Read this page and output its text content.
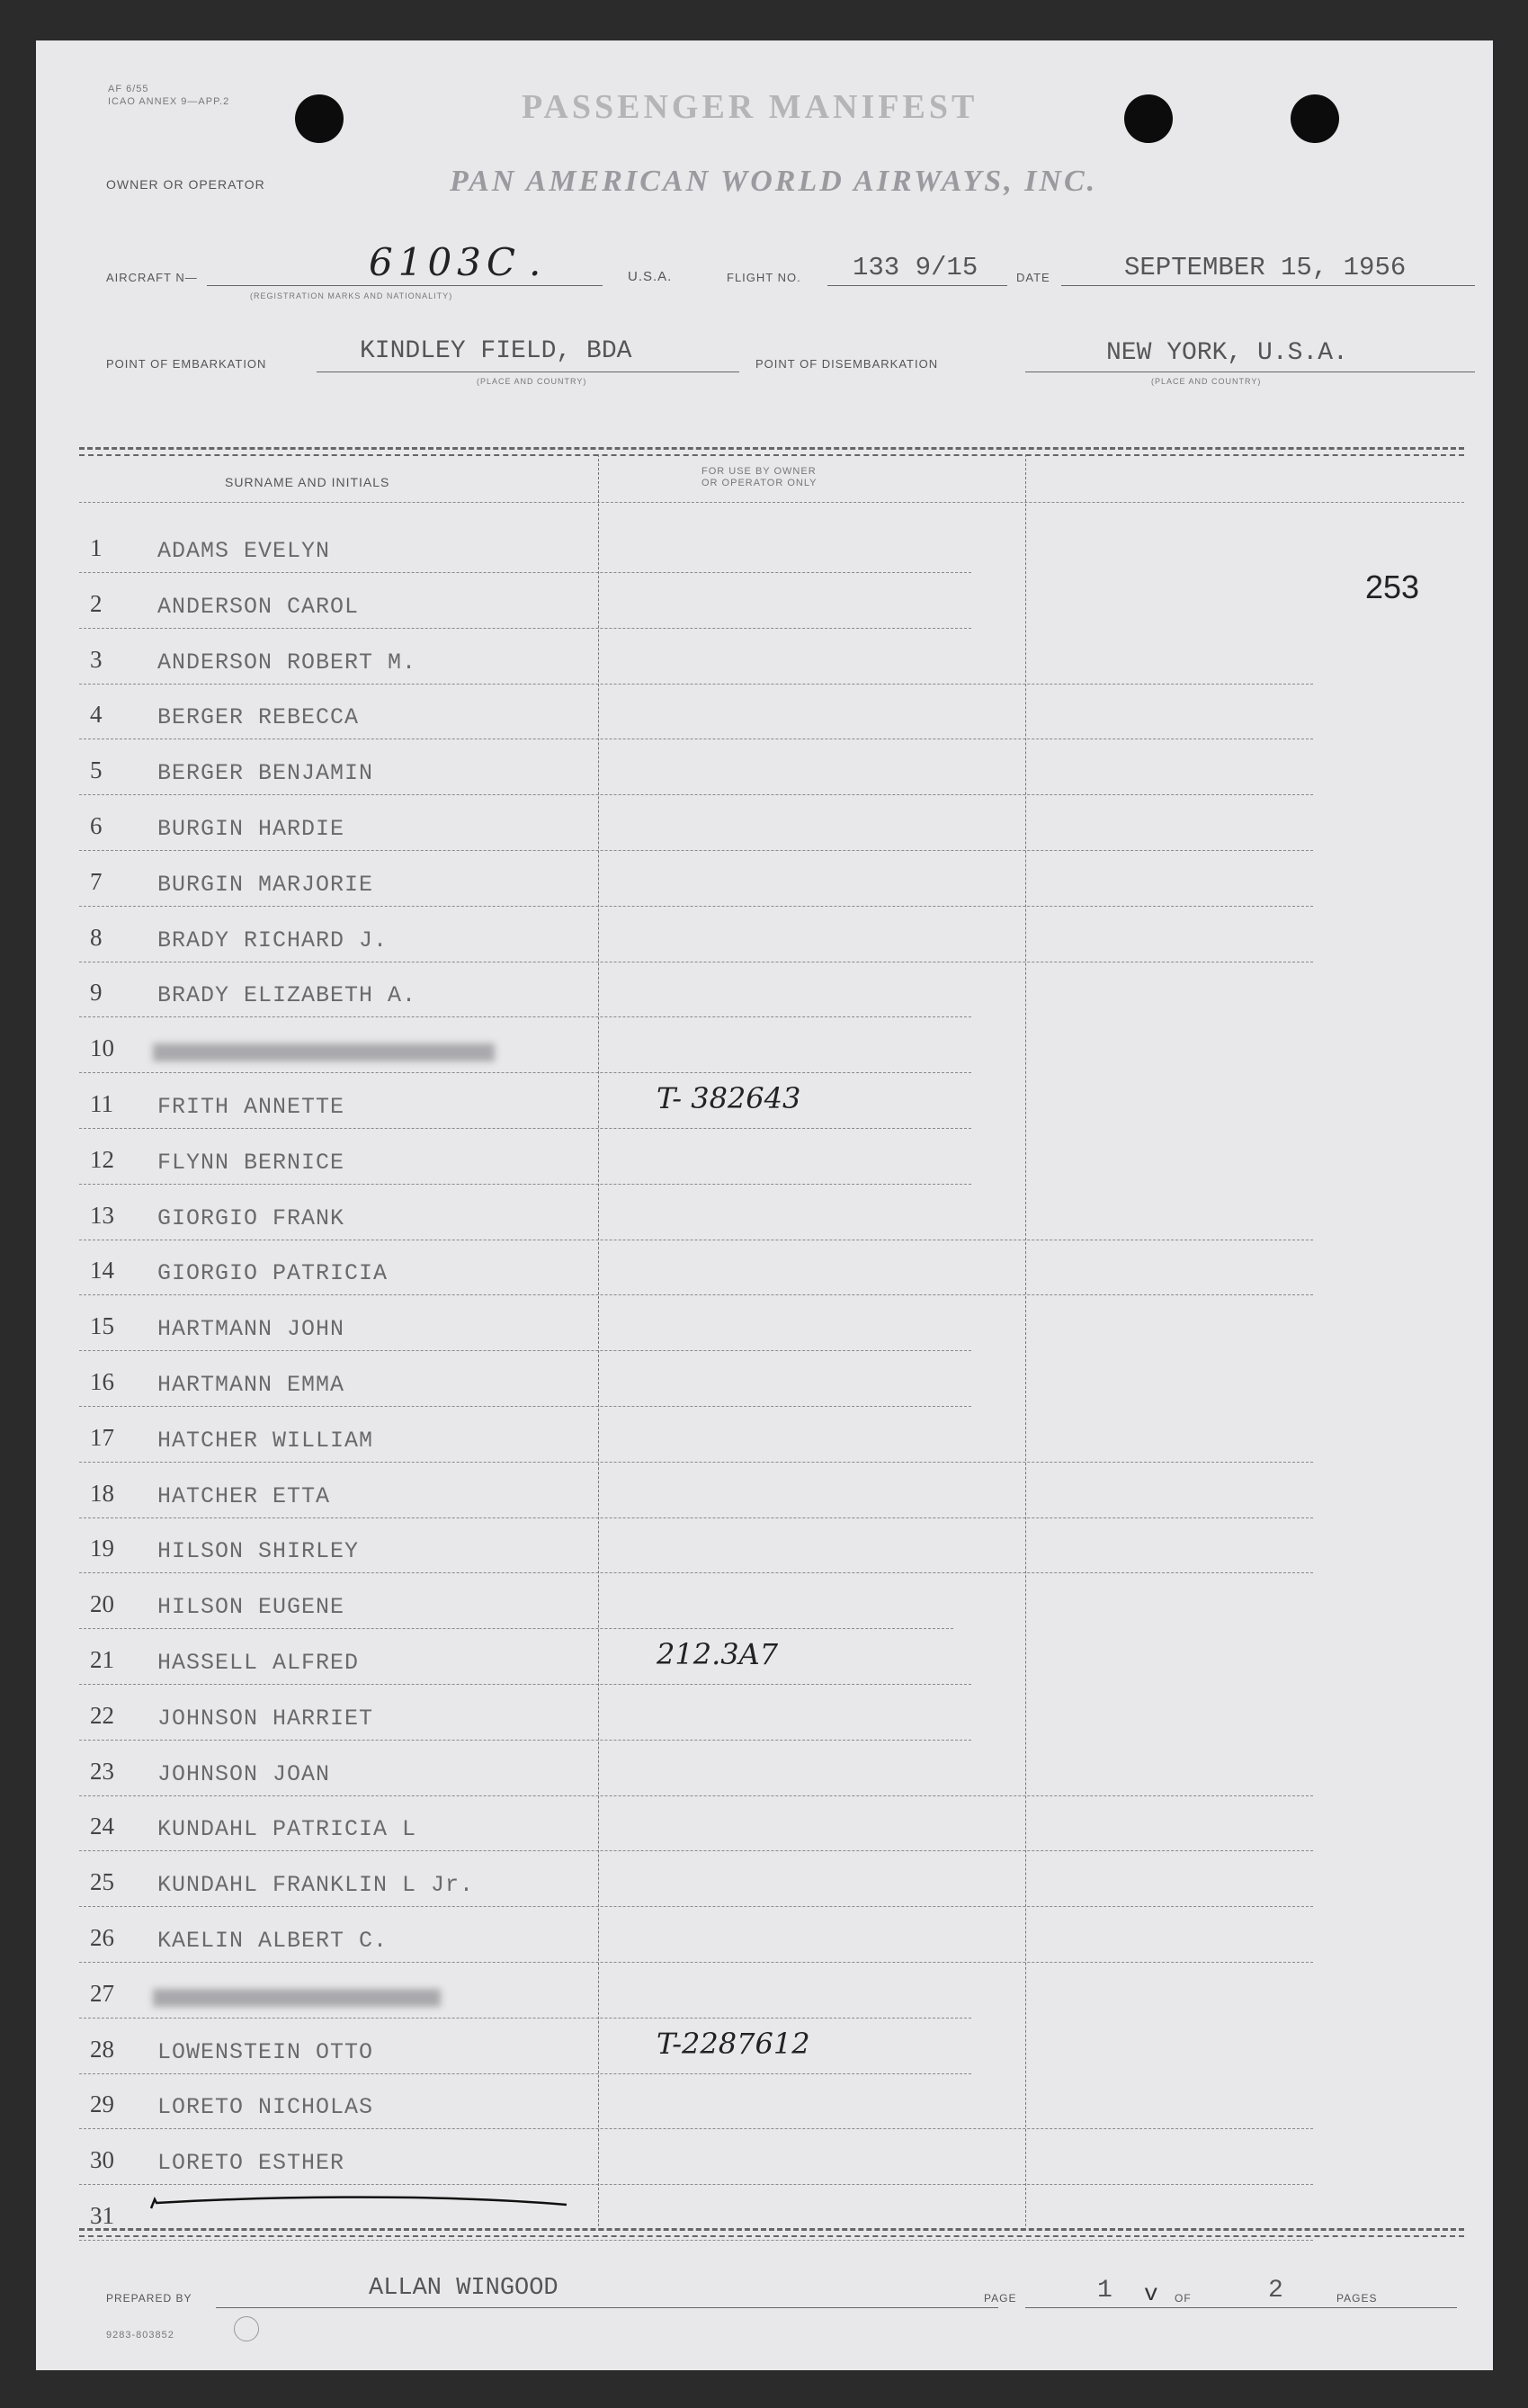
AF 6/55
ICAO ANNEX 9—APP.2	PASSENGER MANIFEST
OWNER OR OPERATOR	PAN AMERICAN WORLD AIRWAYS, INC.
AIRCRAFT N—	6103C .
(REGISTRATION MARKS AND NATIONALITY)
U.S.A.	FLIGHT NO. 133 9/15	DATE	SEPTEMBER 15, 1956
POINT OF EMBARKATION	KINDLEY FIELD, BDA
(PLACE AND COUNTRY)
POINT OF DISEMBARKATION	NEW YORK, U.S.A.
(PLACE AND COUNTRY)
SURNAME AND INITIALS
FOR USE BY OWNER
OR OPERATOR ONLY
253
1	ADAMS EVELYN
2	ANDERSON CAROL
3	ANDERSON ROBERT M.
4	BERGER REBECCA
5	BERGER BENJAMIN
6	BURGIN HARDIE
7	BURGIN MARJORIE
8	BRADY RICHARD J.
9	BRADY ELIZABETH A.
10
11	FRITH ANNETTE	T- 382643
12	FLYNN BERNICE
13	GIORGIO FRANK
14	GIORGIO PATRICIA
15	HARTMANN JOHN
16	HARTMANN EMMA
17	HATCHER WILLIAM
18	HATCHER ETTA
19	HILSON SHIRLEY
20	HILSON EUGENE
21	HASSELL ALFRED	212.3A7
22	JOHNSON HARRIET
23	JOHNSON JOAN
24	KUNDAHL PATRICIA L
25	KUNDAHL FRANKLIN L Jr.
26	KAELIN ALBERT C.
27
28	LOWENSTEIN OTTO	T-2287612
29	LORETO NICHOLAS
30	LORETO ESTHER
31
PREPARED BY	ALLAN WINGOOD
9283-803852
PAGE	1 v OF	2	PAGES
